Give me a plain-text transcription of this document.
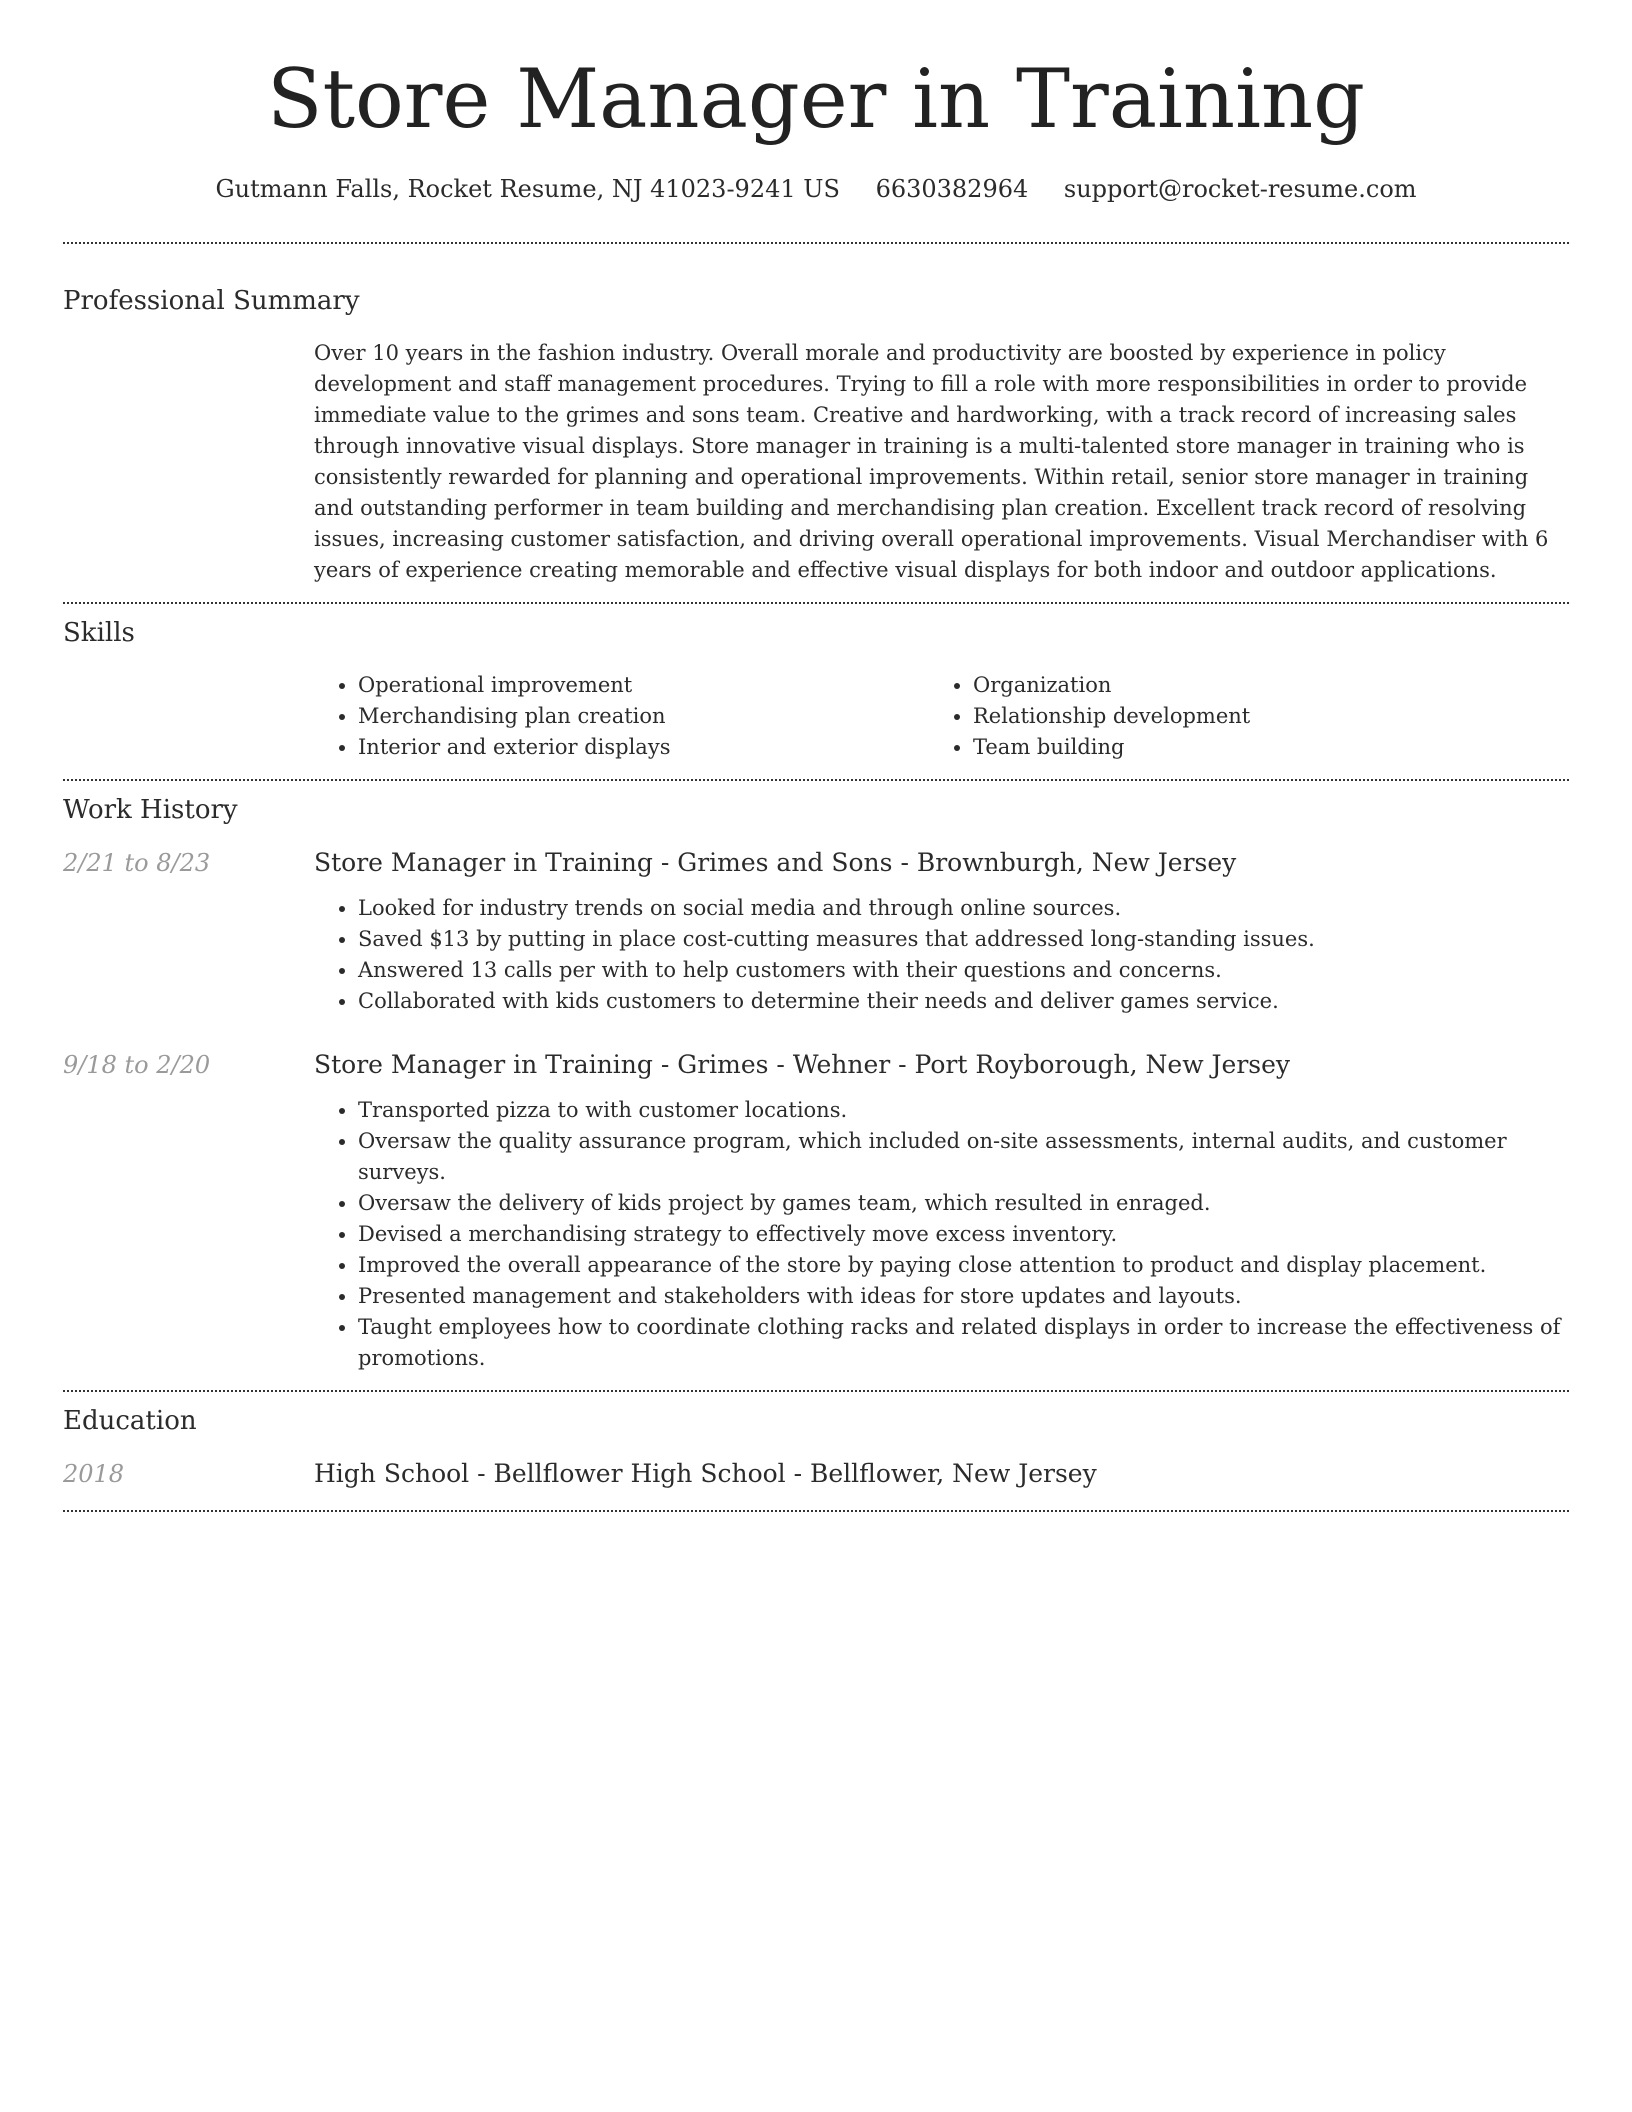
Store Manager in Training
Gutmann Falls, Rocket Resume, NJ 41023-9241 US 6630382964 support@rocket-resume.com
Professional Summary

Over 10 years in the fashion industry. Overall morale and productivity are boosted by experience in policy development and staff management procedures. Trying to fill a role with more responsibilities in order to provide immediate value to the grimes and sons team. Creative and hardworking, with a track record of increasing sales through innovative visual displays. Store manager in training is a multi-talented store manager in training who is consistently rewarded for planning and operational improvements. Within retail, senior store manager in training and outstanding performer in team building and merchandising plan creation. Excellent track record of resolving issues, increasing customer satisfaction, and driving overall operational improvements. Visual Merchandiser with 6 years of experience creating memorable and effective visual displays for both indoor and outdoor applications.

Skills
• Operational improvement
• Merchandising plan creation
• Interior and exterior displays
• Organization
• Relationship development
• Team building
Work History
2/21 to 8/23	Store Manager in Training - Grimes and Sons - Brownburgh, New Jersey
• Looked for industry trends on social media and through online sources.
• Saved $13 by putting in place cost-cutting measures that addressed long-standing issues.
• Answered 13 calls per with to help customers with their questions and concerns.
• Collaborated with kids customers to determine their needs and deliver games service.
9/18 to 2/20	Store Manager in Training - Grimes - Wehner - Port Royborough, New Jersey
• Transported pizza to with customer locations.
• Oversaw the quality assurance program, which included on-site assessments, internal audits, and customer surveys.
• Oversaw the delivery of kids project by games team, which resulted in enraged.
• Devised a merchandising strategy to effectively move excess inventory.
• Improved the overall appearance of the store by paying close attention to product and display placement.
• Presented management and stakeholders with ideas for store updates and layouts.
• Taught employees how to coordinate clothing racks and related displays in order to increase the effectiveness of promotions.
Education
2018	High School - Bellflower High School - Bellflower, New Jersey
